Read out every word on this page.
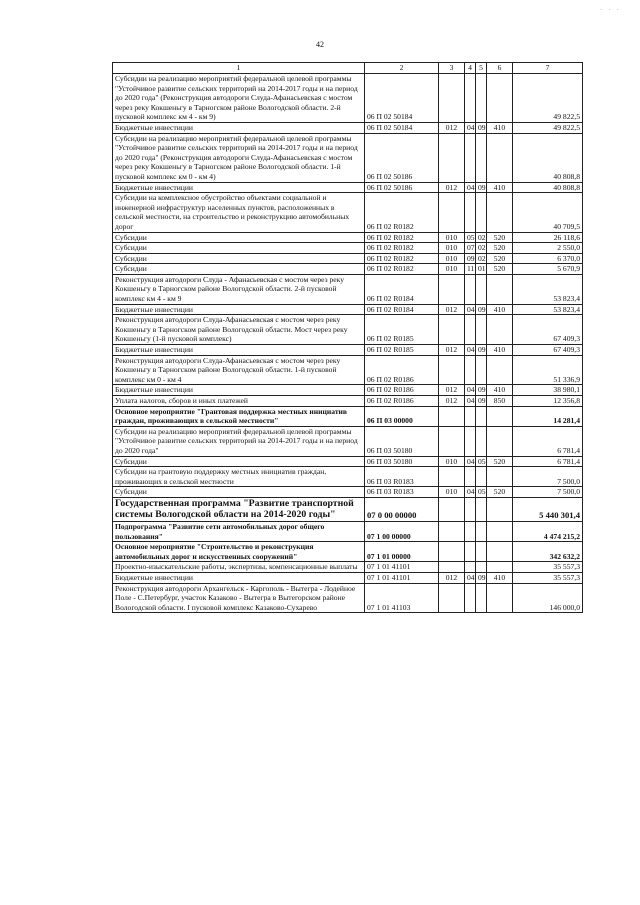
· · ·
42
1	2	3	4	5	6	7
Субсидии на реализацию мероприятий федеральной целевой программы "Устойчивое развитие сельских территорий на 2014-2017 годы и на период до 2020 года" (Реконструкция автодороги Слуда-Афанасьевская с мостом через реку Кокшеньгу в Тарногском районе Вологодской области. 2-й пусковой комплекс км 4 - км 9)	06 П 02 50184					49 822,5
Бюджетные инвестиции	06 П 02 50184	012	04	09	410	49 822,5
Субсидии на реализацию мероприятий федеральной целевой программы "Устойчивое развитие сельских территорий на 2014-2017 годы и на период до 2020 года" (Реконструкция автодороги Слуда-Афанасьевская с мостом через реку Кокшеньгу в Тарногском районе Вологодской области. 1-й пусковой комплекс км 0 - км 4)	06 П 02 50186					40 808,8
Бюджетные инвестиции	06 П 02 50186	012	04	09	410	40 808,8
Субсидии на комплексное обустройство объектами социальной и инженерной инфраструктур населенных пунктов, расположенных в сельской местности, на строительство и реконструкцию автомобильных дорог	06 П 02 R0182					40 709,5
Субсидии	06 П 02 R0182	010	05	02	520	26 118,6
Субсидии	06 П 02 R0182	010	07	02	520	2 550,0
Субсидии	06 П 02 R0182	010	09	02	520	6 370,0
Субсидии	06 П 02 R0182	010	11	01	520	5 670,9
Реконструкция автодороги Слуда - Афанасьевская с мостом через реку Кокшеньгу в Тарногском районе Вологодской области. 2-й пусковой комплекс км 4 - км 9	06 П 02 R0184					53 823,4
Бюджетные инвестиции	06 П 02 R0184	012	04	09	410	53 823,4
Реконструкция автодороги Слуда-Афанасьевская с мостом через реку Кокшеньгу в Тарногском районе Вологодской области. Мост через реку Кокшеньгу (1-й пусковой комплекс)	06 П 02 R0185					67 409,3
Бюджетные инвестиции	06 П 02 R0185	012	04	09	410	67 409,3
Реконструкция автодороги Слуда-Афанасьевская с мостом через реку Кокшеньгу в Тарногском районе Вологодской области. 1-й пусковой комплекс км 0 - км 4	06 П 02 R0186					51 336,9
Бюджетные инвестиции	06 П 02 R0186	012	04	09	410	38 980,1
Уплата налогов, сборов и иных платежей	06 П 02 R0186	012	04	09	850	12 356,8
Основное мероприятие "Грантовая поддержка местных инициатив граждан, проживающих в сельской местности"	06 П 03 00000					14 281,4
Субсидии на реализацию мероприятий федеральной целевой программы "Устойчивое развитие сельских территорий на 2014-2017 годы и на период до 2020 года"	06 П 03 50180					6 781,4
Субсидии	06 П 03 50180	010	04	05	520	6 781,4
Субсидии на грантовую поддержку местных инициатив граждан, проживающих в сельской местности	06 П 03 R0183					7 500,0
Субсидии	06 П 03 R0183	010	04	05	520	7 500,0
Государственная программа "Развитие транспортной системы Вологодской области на 2014-2020 годы"	07 0 00 00000					5 440 301,4
Подпрограмма "Развитие сети автомобильных дорог общего пользования"	07 1 00 00000					4 474 215,2
Основное мероприятие "Строительство и реконструкция автомобильных дорог и искусственных сооружений"	07 1 01 00000					342 632,2
Проектно-изыскательские работы, экспертизы, компенсационные выплаты	07 1 01 41101					35 557,3
Бюджетные инвестиции	07 1 01 41101	012	04	09	410	35 557,3
Реконструкция автодороги Архангельск - Каргополь - Вытегра - Лодейное Поле - С.Петербург, участок Казаково - Вытегра в Вытегорском районе Вологодской области. I пусковой комплекс Казаково-Сухарево	07 1 01 41103					146 000,0
